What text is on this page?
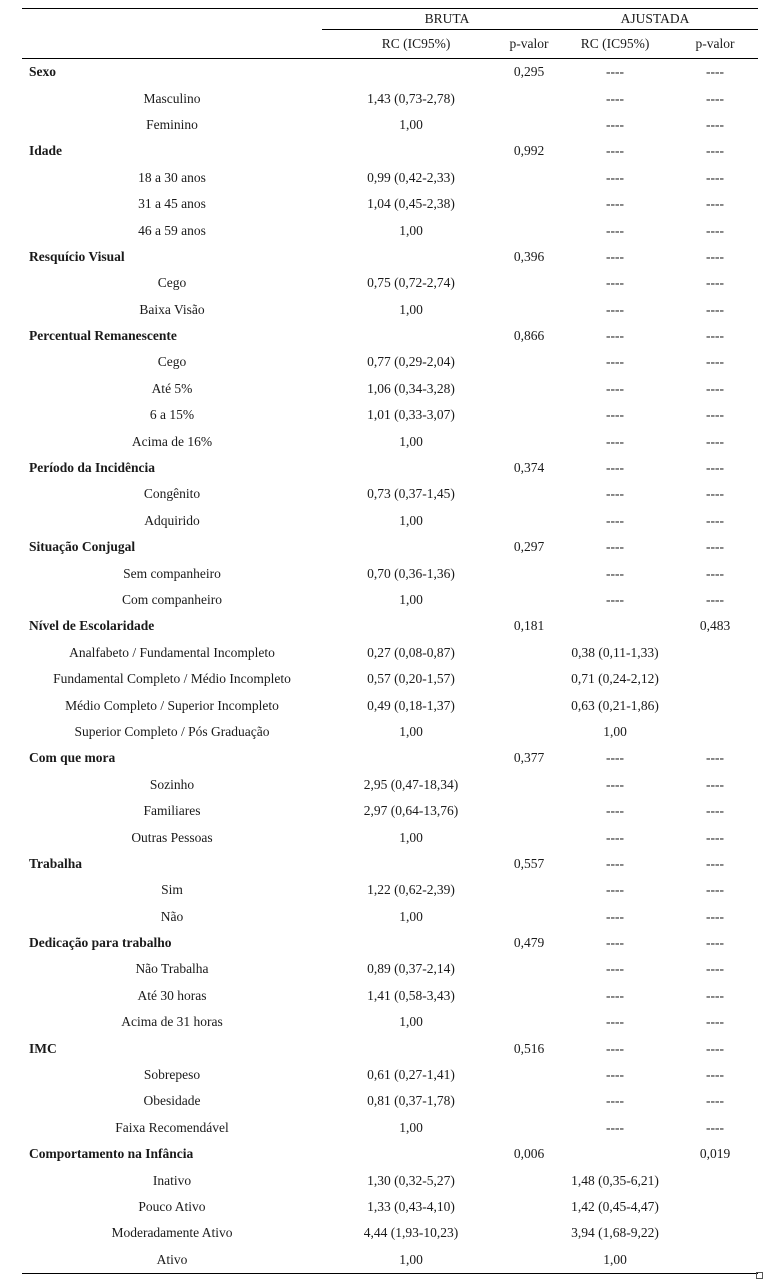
	BRUTA		AJUSTADA	
	RC (IC95%)	p-valor	RC (IC95%)	p-valor
Sexo		0,295	----	----
Masculino	1,43 (0,73-2,78)		----	----
Feminino	1,00		----	----
Idade		0,992	----	----
18 a 30 anos	0,99 (0,42-2,33)		----	----
31 a 45 anos	1,04 (0,45-2,38)		----	----
46 a 59 anos	1,00		----	----
Resquício Visual		0,396	----	----
Cego	0,75 (0,72-2,74)		----	----
Baixa Visão	1,00		----	----
Percentual Remanescente		0,866	----	----
Cego	0,77 (0,29-2,04)		----	----
Até 5%	1,06 (0,34-3,28)		----	----
6 a 15%	1,01 (0,33-3,07)		----	----
Acima de 16%	1,00		----	----
Período da Incidência		0,374	----	----
Congênito	0,73 (0,37-1,45)		----	----
Adquirido	1,00		----	----
Situação Conjugal		0,297	----	----
Sem companheiro	0,70 (0,36-1,36)		----	----
Com companheiro	1,00		----	----
Nível de Escolaridade		0,181		0,483
Analfabeto / Fundamental Incompleto	0,27 (0,08-0,87)		0,38 (0,11-1,33)	
Fundamental Completo / Médio Incompleto	0,57 (0,20-1,57)		0,71 (0,24-2,12)	
Médio Completo / Superior Incompleto	0,49 (0,18-1,37)		0,63 (0,21-1,86)	
Superior Completo / Pós Graduação	1,00		1,00	
Com que mora		0,377	----	----
Sozinho	2,95 (0,47-18,34)		----	----
Familiares	2,97 (0,64-13,76)		----	----
Outras Pessoas	1,00		----	----
Trabalha		0,557	----	----
Sim	1,22 (0,62-2,39)		----	----
Não	1,00		----	----
Dedicação para trabalho		0,479	----	----
Não Trabalha	0,89 (0,37-2,14)		----	----
Até 30 horas	1,41 (0,58-3,43)		----	----
Acima de 31 horas	1,00		----	----
IMC		0,516	----	----
Sobrepeso	0,61 (0,27-1,41)		----	----
Obesidade	0,81 (0,37-1,78)		----	----
Faixa Recomendável	1,00		----	----
Comportamento na Infância		0,006		0,019
Inativo	1,30 (0,32-5,27)		1,48 (0,35-6,21)	
Pouco Ativo	1,33 (0,43-4,10)		1,42 (0,45-4,47)	
Moderadamente Ativo	4,44 (1,93-10,23)		3,94 (1,68-9,22)	
Ativo	1,00		1,00	
